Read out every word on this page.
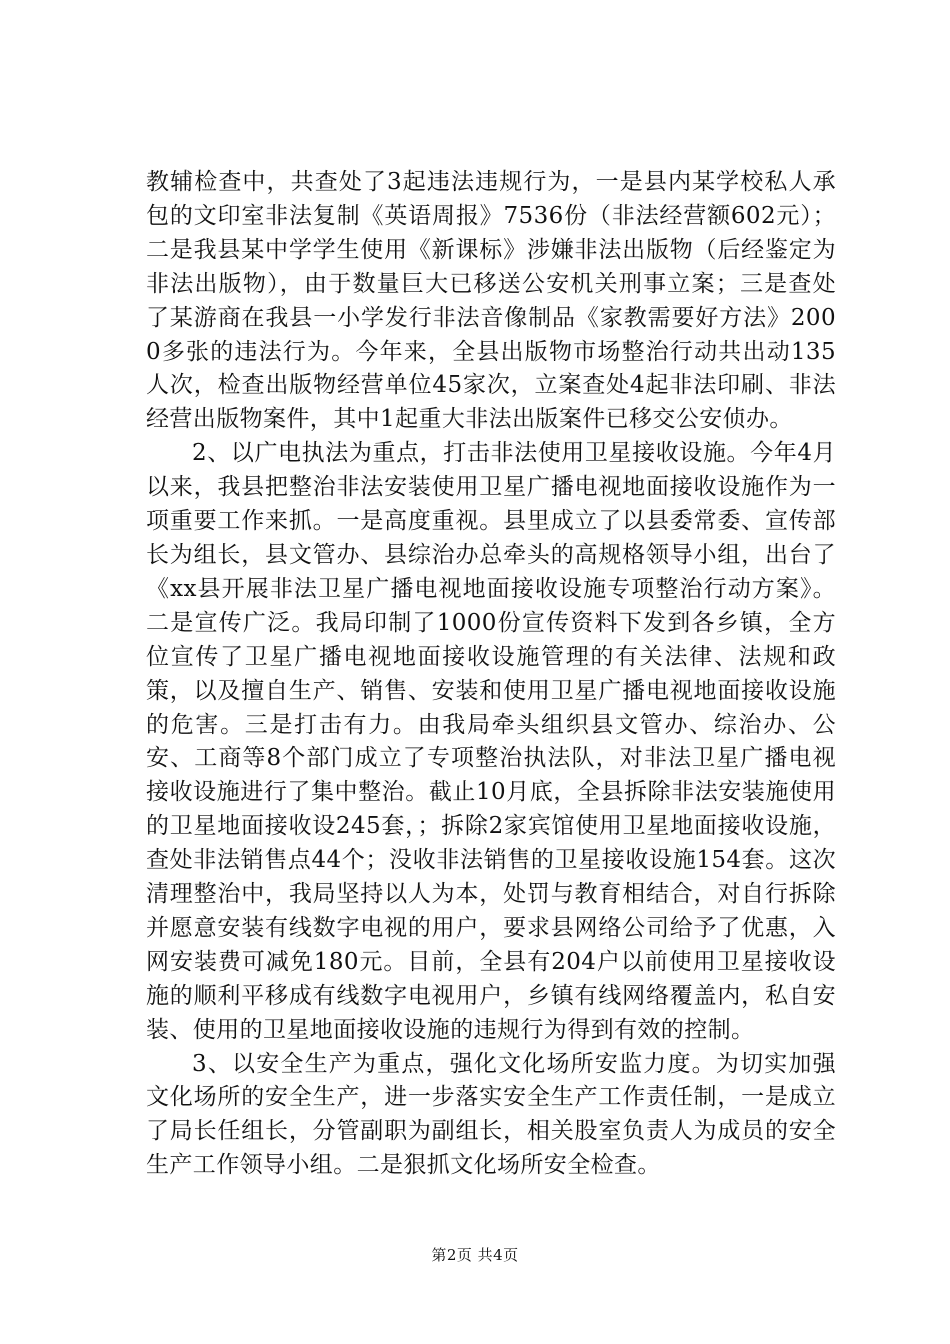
教辅检查中，共查处了3起违法违规行为，一是县内某学校私人承包的文印室非法复制《英语周报》7536份（非法经营额602元）；二是我县某中学学生使用《新课标》涉嫌非法出版物（后经鉴定为非法出版物），由于数量巨大已移送公安机关刑事立案；三是查处了某游商在我县一小学发行非法音像制品《家教需要好方法》2000多张的违法行为。今年来，全县出版物市场整治行动共出动135人次，检查出版物经营单位45家次，立案查处4起非法印刷、非法经营出版物案件，其中1起重大非法出版案件已移交公安侦办。

2、以广电执法为重点，打击非法使用卫星接收设施。今年4月以来，我县把整治非法安装使用卫星广播电视地面接收设施作为一项重要工作来抓。一是高度重视。县里成立了以县委常委、宣传部长为组长，县文管办、县综治办总牵头的高规格领导小组，出台了《xx县开展非法卫星广播电视地面接收设施专项整治行动方案》。二是宣传广泛。我局印制了1000份宣传资料下发到各乡镇，全方位宣传了卫星广播电视地面接收设施管理的有关法律、法规和政策，以及擅自生产、销售、安装和使用卫星广播电视地面接收设施的危害。三是打击有力。由我局牵头组织县文管办、综治办、公安、工商等8个部门成立了专项整治执法队，对非法卫星广播电视接收设施进行了集中整治。截止10月底，全县拆除非法安装施使用的卫星地面接收设245套，；拆除2家宾馆使用卫星地面接收设施，查处非法销售点44个；没收非法销售的卫星接收设施154套。这次清理整治中，我局坚持以人为本，处罚与教育相结合，对自行拆除并愿意安装有线数字电视的用户，要求县网络公司给予了优惠，入网安装费可减免180元。目前，全县有204户以前使用卫星接收设施的顺利平移成有线数字电视用户，乡镇有线网络覆盖内，私自安装、使用的卫星地面接收设施的违规行为得到有效的控制。

3、以安全生产为重点，强化文化场所安监力度。为切实加强文化场所的安全生产，进一步落实安全生产工作责任制，一是成立了局长任组长，分管副职为副组长，相关股室负责人为成员的安全生产工作领导小组。二是狠抓文化场所安全检查。

第2页 共4页
